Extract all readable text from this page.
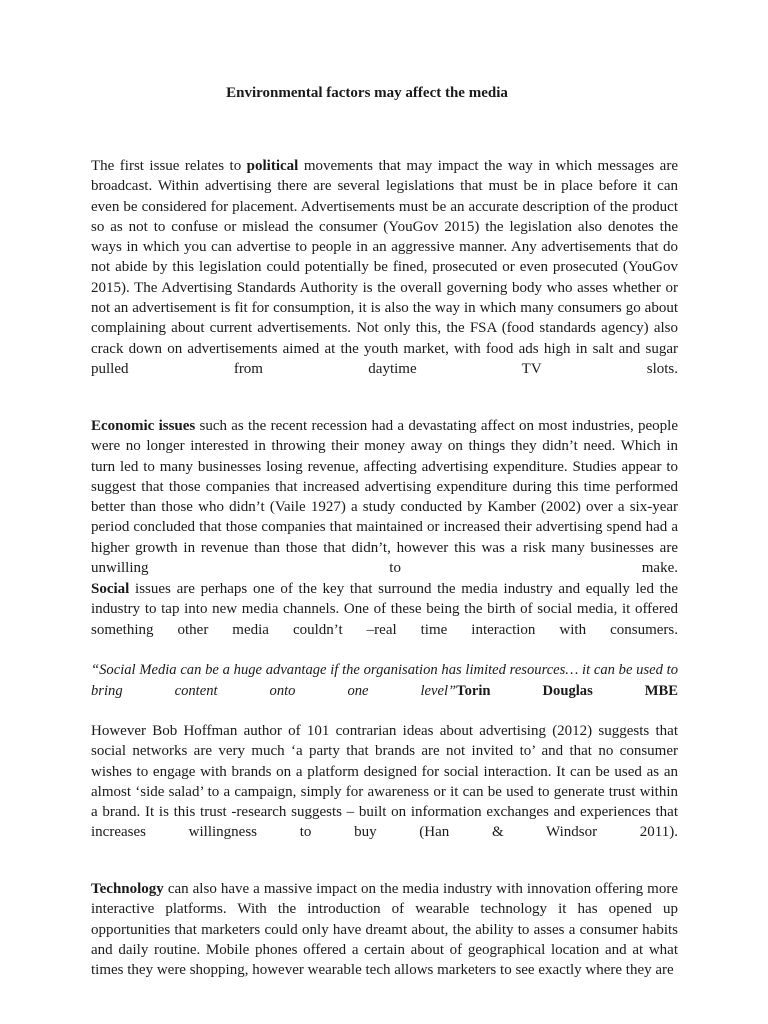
Environmental factors may affect the media

The first issue relates to political movements that may impact the way in which messages are broadcast. Within advertising there are several legislations that must be in place before it can even be considered for placement. Advertisements must be an accurate description of the product so as not to confuse or mislead the consumer (YouGov 2015) the legislation also denotes the ways in which you can advertise to people in an aggressive manner. Any advertisements that do not abide by this legislation could potentially be fined, prosecuted or even prosecuted (YouGov 2015). The Advertising Standards Authority is the overall governing body who asses whether or not an advertisement is fit for consumption, it is also the way in which many consumers go about complaining about current advertisements. Not only this, the FSA (food standards agency) also crack down on advertisements aimed at the youth market, with food ads high in salt and sugar pulled from daytime TV slots.

Economic issues such as the recent recession had a devastating affect on most industries, people were no longer interested in throwing their money away on things they didn’t need. Which in turn led to many businesses losing revenue, affecting advertising expenditure. Studies appear to suggest that those companies that increased advertising expenditure during this time performed better than those who didn’t (Vaile 1927) a study conducted by Kamber (2002) over a six-year period concluded that those companies that maintained or increased their advertising spend had a higher growth in revenue than those that didn’t, however this was a risk many businesses are unwilling to make.

Social issues are perhaps one of the key that surround the media industry and equally led the industry to tap into new media channels. One of these being the birth of social media, it offered something other media couldn’t –real time interaction with consumers.

“Social Media can be a huge advantage if the organisation has limited resources… it can be used to bring content onto one level”Torin Douglas MBE

However Bob Hoffman author of 101 contrarian ideas about advertising (2012) suggests that social networks are very much ‘a party that brands are not invited to’ and that no consumer wishes to engage with brands on a platform designed for social interaction. It can be used as an almost ‘side salad’ to a campaign, simply for awareness or it can be used to generate trust within a brand. It is this trust -research suggests – built on information exchanges and experiences that increases willingness to buy (Han & Windsor 2011).

Technology can also have a massive impact on the media industry with innovation offering more interactive platforms. With the introduction of wearable technology it has opened up opportunities that marketers could only have dreamt about, the ability to asses a consumer habits and daily routine. Mobile phones offered a certain about of geographical location and at what times they were shopping, however wearable tech allows marketers to see exactly where they are
